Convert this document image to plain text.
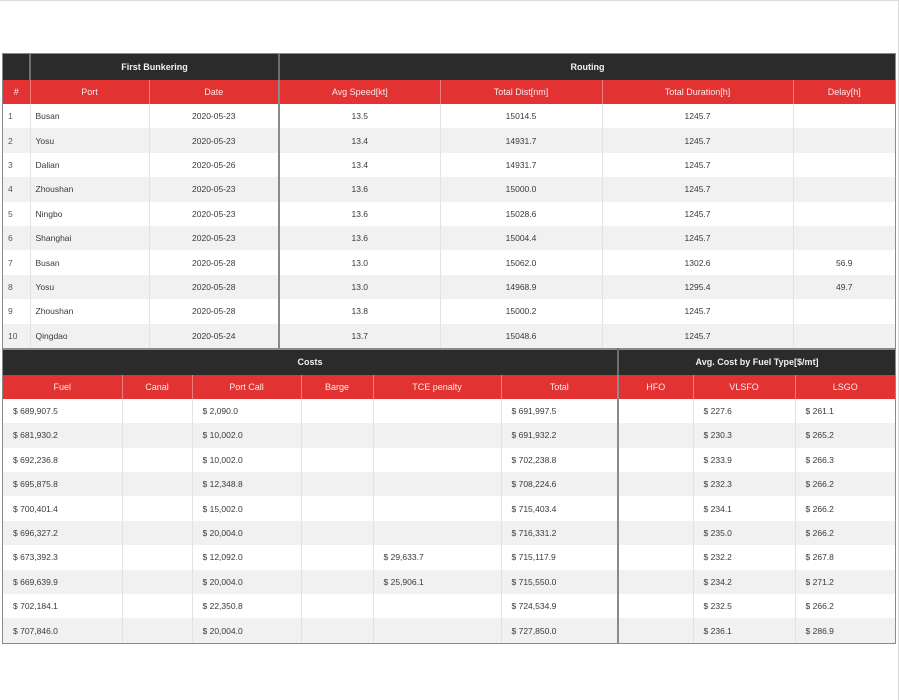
	First Bunkering		Routing			
#	Port	Date	Avg Speed[kt]	Total Dist[nm]	Total Duration[h]	Delay[h]
1	Busan	2020-05-23	13.5	15014.5	1245.7	
2	Yosu	2020-05-23	13.4	14931.7	1245.7	
3	Dalian	2020-05-26	13.4	14931.7	1245.7	
4	Zhoushan	2020-05-23	13.6	15000.0	1245.7	
5	Ningbo	2020-05-23	13.6	15028.6	1245.7	
6	Shanghai	2020-05-23	13.6	15004.4	1245.7	
7	Busan	2020-05-28	13.0	15062.0	1302.6	56.9
8	Yosu	2020-05-28	13.0	14968.9	1295.4	49.7
9	Zhoushan	2020-05-28	13.8	15000.2	1245.7	
10	Qingdao	2020-05-24	13.7	15048.6	1245.7	
Costs						Avg. Cost by Fuel Type[$/mt]		
Fuel	Canal	Port Call	Barge	TCE penalty	Total	HFO	VLSFO	LSGO
$ 689,907.5		$ 2,090.0			$ 691,997.5		$ 227.6	$ 261.1
$ 681,930.2		$ 10,002.0			$ 691,932.2		$ 230.3	$ 265.2
$ 692,236.8		$ 10,002.0			$ 702,238.8		$ 233.9	$ 266.3
$ 695,875.8		$ 12,348.8			$ 708,224.6		$ 232.3	$ 266.2
$ 700,401.4		$ 15,002.0			$ 715,403.4		$ 234.1	$ 266.2
$ 696,327.2		$ 20,004.0			$ 716,331.2		$ 235.0	$ 266.2
$ 673,392.3		$ 12,092.0		$ 29,633.7	$ 715,117.9		$ 232.2	$ 267.8
$ 669,639.9		$ 20,004.0		$ 25,906.1	$ 715,550.0		$ 234.2	$ 271.2
$ 702,184.1		$ 22,350.8			$ 724,534.9		$ 232.5	$ 266.2
$ 707,846.0		$ 20,004.0			$ 727,850.0		$ 236.1	$ 286.9
